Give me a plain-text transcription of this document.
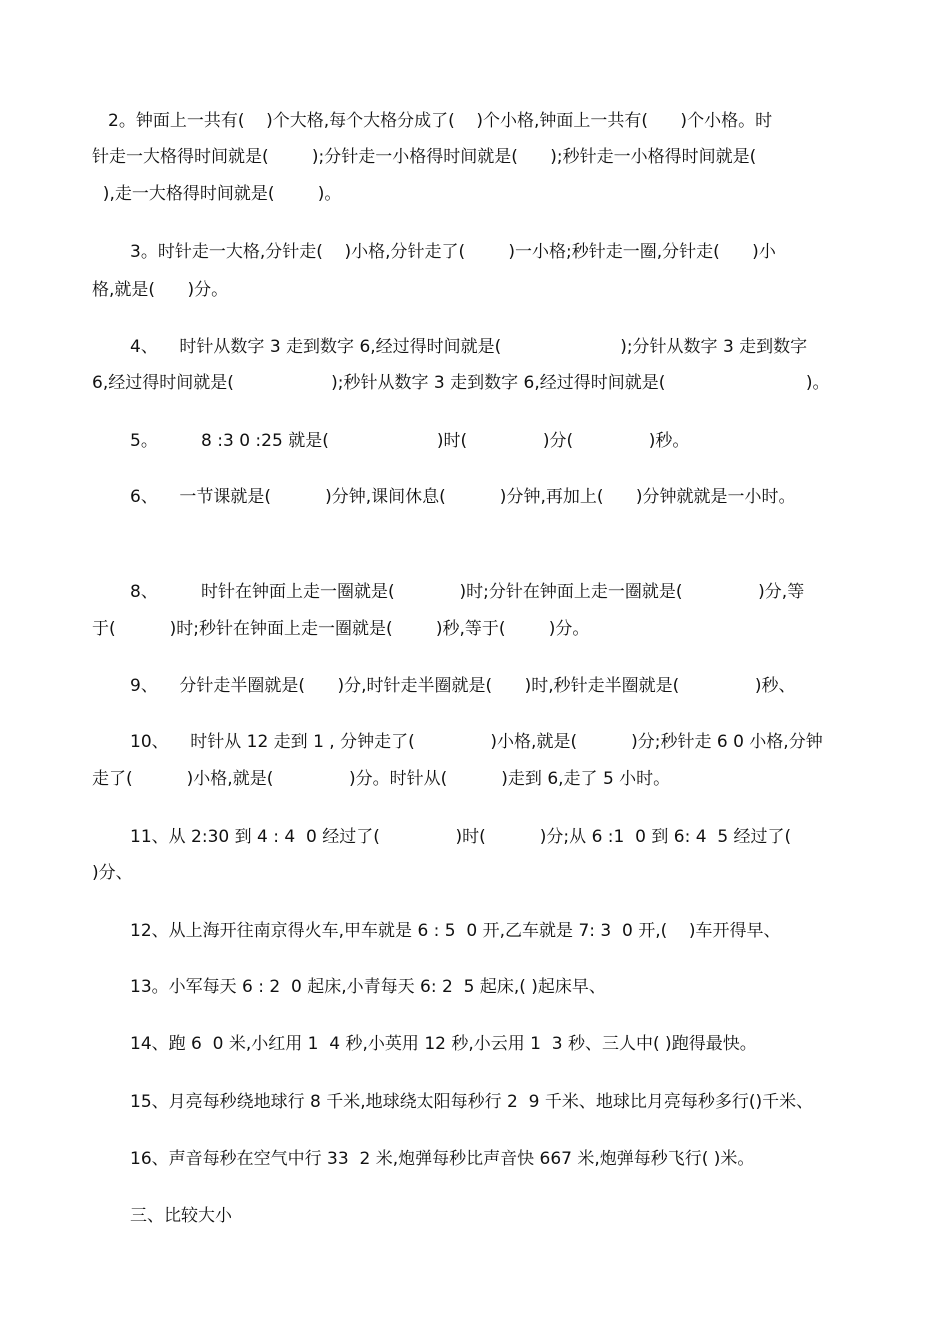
2。钟面上一共有(    )个大格,每个大格分成了(    )个小格,钟面上一共有(      )个小格。时
针走一大格得时间就是(        );分针走一小格得时间就是(      );秒针走一小格得时间就是(
),走一大格得时间就是(        )。
3。时针走一大格,分针走(    )小格,分针走了(        )一小格;秒针走一圈,分针走(      )小
格,就是(      )分。
4、    时针从数字 3 走到数字 6,经过得时间就是(                      );分针从数字 3 走到数字
6,经过得时间就是(                  );秒针从数字 3 走到数字 6,经过得时间就是(                          )。
5。        8 :3 0 :25 就是(                    )时(              )分(              )秒。
6、    一节课就是(          )分钟,课间休息(          )分钟,再加上(      )分钟就就是一小时。
8、        时针在钟面上走一圈就是(            )时;分针在钟面上走一圈就是(              )分,等
于(          )时;秒针在钟面上走一圈就是(        )秒,等于(        )分。
9、    分针走半圈就是(      )分,时针走半圈就是(      )时,秒针走半圈就是(              )秒、
10、    时针从 12 走到 1 , 分钟走了(              )小格,就是(          )分;秒针走 6 0 小格,分钟
走了(          )小格,就是(              )分。时针从(          )走到 6,走了 5 小时。
11、从 2:30 到 4 : 4  0 经过了(              )时(          )分;从 6 :1  0 到 6: 4  5 经过了(
)分、
12、从上海开往南京得火车,甲车就是 6 : 5  0 开,乙车就是 7: 3  0 开,(    )车开得早、
13。小军每天 6 : 2  0 起床,小青每天 6: 2  5 起床,( )起床早、
14、跑 6  0 米,小红用 1  4 秒,小英用 12 秒,小云用 1  3 秒、三人中( )跑得最快。
15、月亮每秒绕地球行 8 千米,地球绕太阳每秒行 2  9 千米、地球比月亮每秒多行()千米、
16、声音每秒在空气中行 33  2 米,炮弹每秒比声音快 667 米,炮弹每秒飞行( )米。
三、比较大小
